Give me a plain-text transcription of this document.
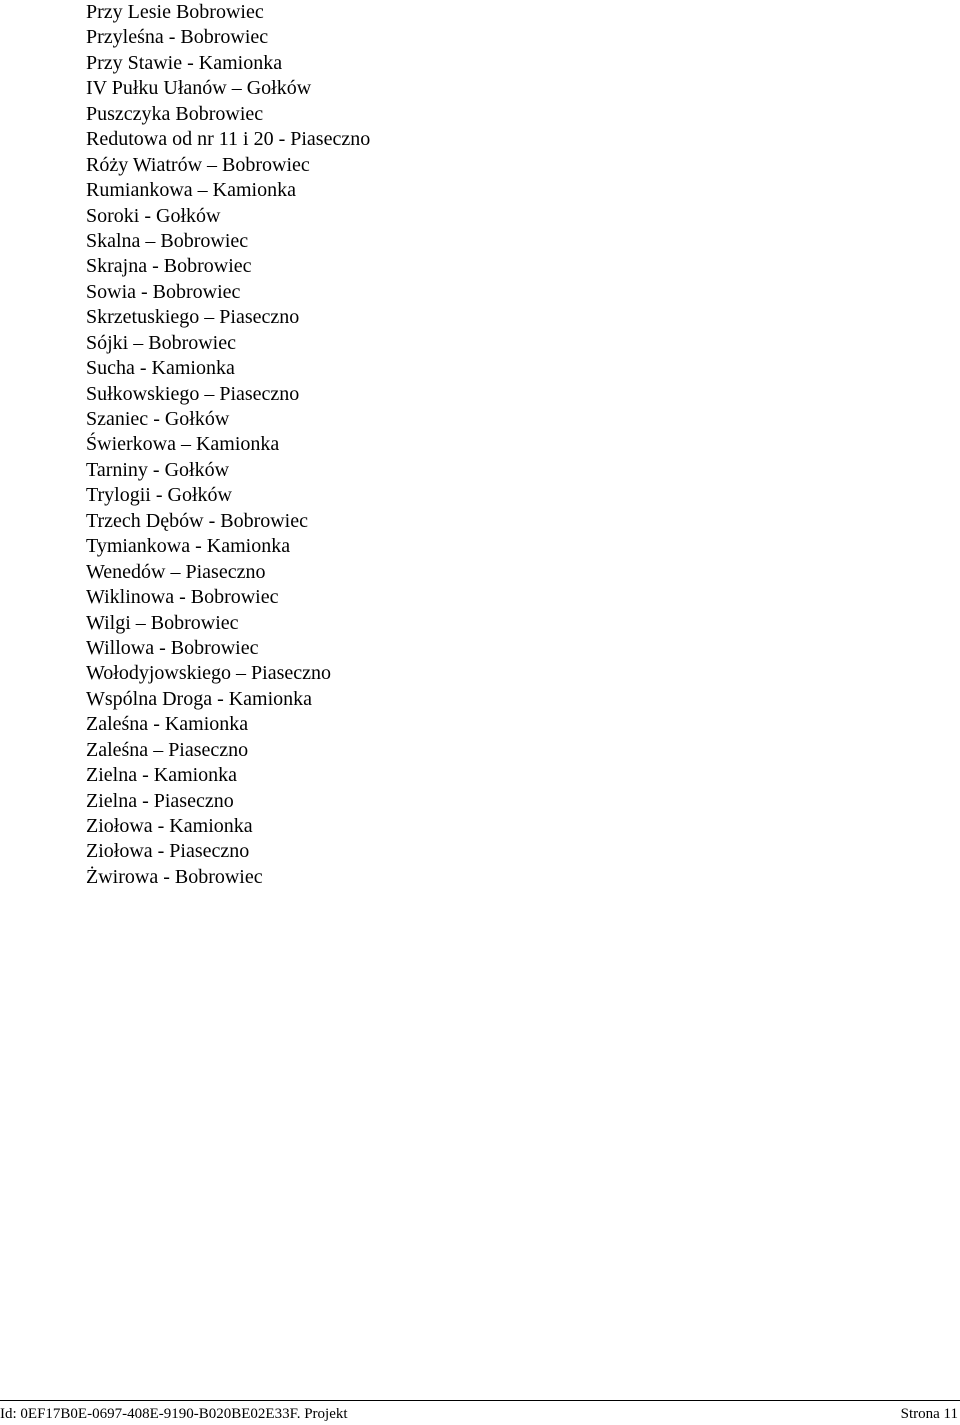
Przy Lesie Bobrowiec
Przyleśna - Bobrowiec
Przy Stawie - Kamionka
IV Pułku Ułanów – Gołków
Puszczyka Bobrowiec
Redutowa od nr 11 i 20 - Piaseczno
Róży Wiatrów – Bobrowiec
Rumiankowa – Kamionka
Soroki - Gołków
Skalna – Bobrowiec
Skrajna - Bobrowiec
Sowia - Bobrowiec
Skrzetuskiego – Piaseczno
Sójki – Bobrowiec
Sucha - Kamionka
Sułkowskiego – Piaseczno
Szaniec - Gołków
Świerkowa – Kamionka
Tarniny - Gołków
Trylogii - Gołków
Trzech Dębów - Bobrowiec
Tymiankowa - Kamionka
Wenedów – Piaseczno
Wiklinowa - Bobrowiec
Wilgi – Bobrowiec
Willowa - Bobrowiec
Wołodyjowskiego – Piaseczno
Wspólna Droga - Kamionka
Zaleśna - Kamionka
Zaleśna – Piaseczno
Zielna - Kamionka
Zielna - Piaseczno
Ziołowa - Kamionka
Ziołowa - Piaseczno
Żwirowa - Bobrowiec
Id: 0EF17B0E-0697-408E-9190-B020BE02E33F. Projekt	Strona 11
